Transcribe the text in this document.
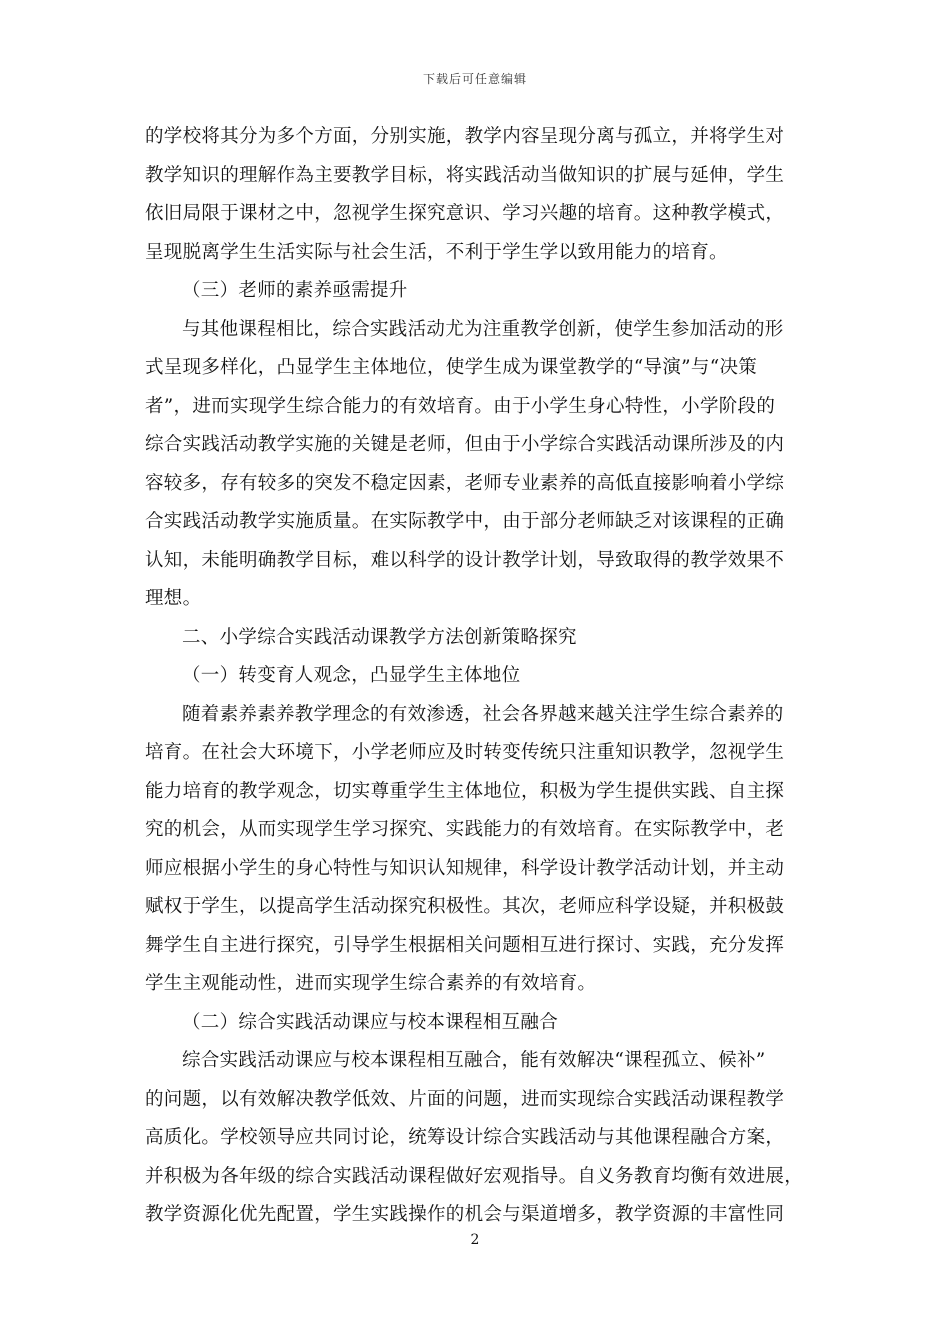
下载后可任意编辑
的学校将其分为多个方面，分别实施，教学内容呈现分离与孤立，并将学生对
教学知识的理解作為主要教学目标，将实践活动当做知识的扩展与延伸，学生
依旧局限于课材之中，忽视学生探究意识、学习兴趣的培育。这种教学模式，
呈现脱离学生生活实际与社会生活，不利于学生学以致用能力的培育。
（三）老师的素养亟需提升
与其他课程相比，综合实践活动尤为注重教学创新，使学生参加活动的形
式呈现多样化，凸显学生主体地位，使学生成为课堂教学的“导演”与“决策
者”，进而实现学生综合能力的有效培育。由于小学生身心特性，小学阶段的
综合实践活动教学实施的关键是老师，但由于小学综合实践活动课所涉及的内
容较多，存有较多的突发不稳定因素，老师专业素养的高低直接影响着小学综
合实践活动教学实施质量。在实际教学中，由于部分老师缺乏对该课程的正确
认知，未能明确教学目标，难以科学的设计教学计划，导致取得的教学效果不
理想。
二、小学综合实践活动课教学方法创新策略探究
（一）转变育人观念，凸显学生主体地位
随着素养素养教学理念的有效渗透，社会各界越来越关注学生综合素养的
培育。在社会大环境下，小学老师应及时转变传统只注重知识教学，忽视学生
能力培育的教学观念，切实尊重学生主体地位，积极为学生提供实践、自主探
究的机会，从而实现学生学习探究、实践能力的有效培育。在实际教学中，老
师应根据小学生的身心特性与知识认知规律，科学设计教学活动计划，并主动
赋权于学生，以提高学生活动探究积极性。其次，老师应科学设疑，并积极鼓
舞学生自主进行探究，引导学生根据相关问题相互进行探讨、实践，充分发挥
学生主观能动性，进而实现学生综合素养的有效培育。
（二）综合实践活动课应与校本课程相互融合
综合实践活动课应与校本课程相互融合，能有效解决“课程孤立、候补”
的问题，以有效解决教学低效、片面的问题，进而实现综合实践活动课程教学
高质化。学校领导应共同讨论，统筹设计综合实践活动与其他课程融合方案，
并积极为各年级的综合实践活动课程做好宏观指导。自义务教育均衡有效进展，
教学资源化优先配置，学生实践操作的机会与渠道增多，教学资源的丰富性同
2
